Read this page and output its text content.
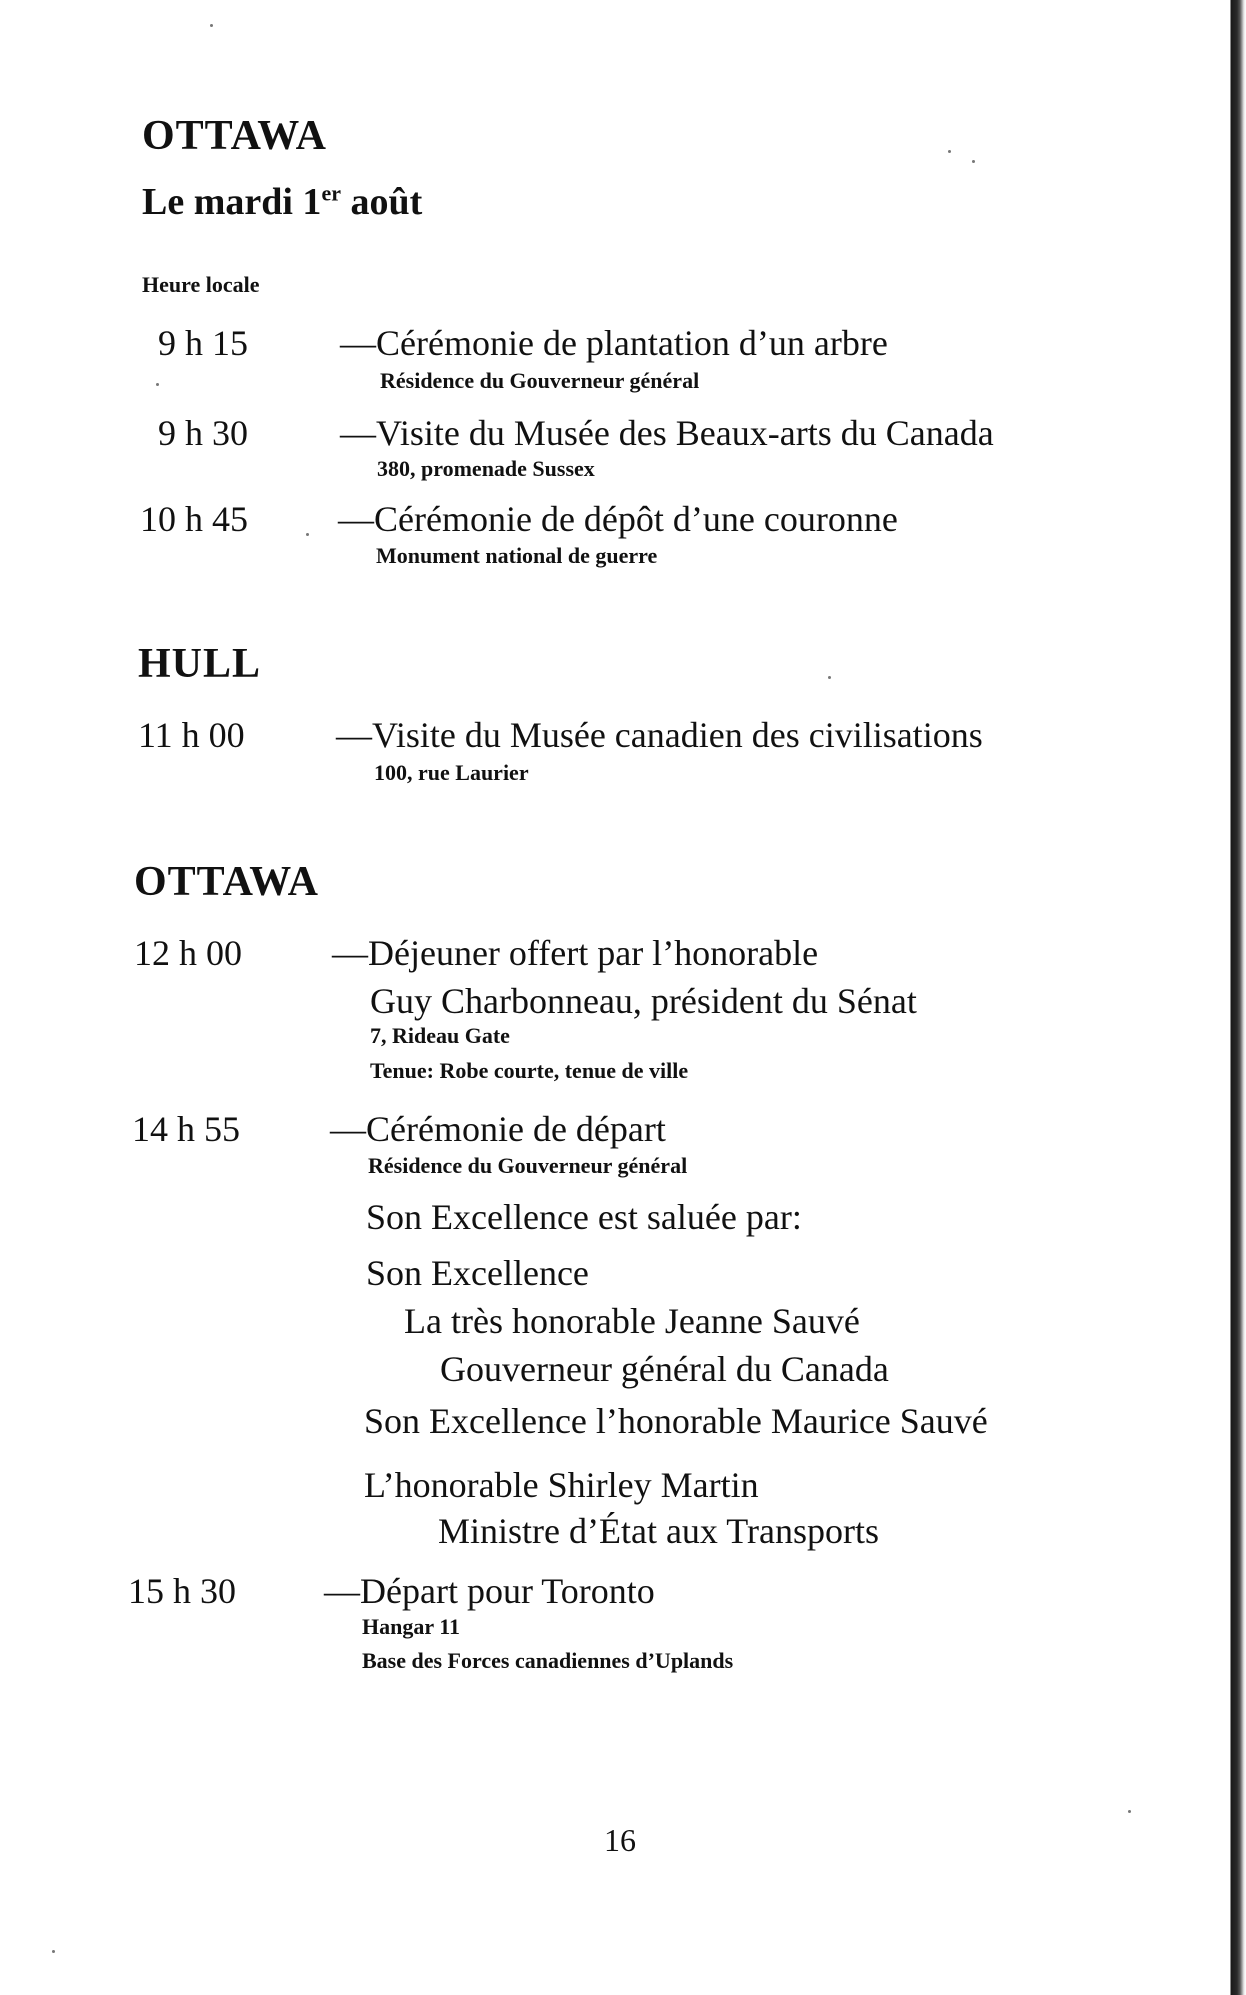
OTTAWA
Le mardi 1er août
Heure locale
9 h 15	—Cérémonie de plantation d’un arbre
Résidence du Gouverneur général
9 h 30	—Visite du Musée des Beaux-arts du Canada
380, promenade Sussex
10 h 45	—Cérémonie de dépôt d’une couronne
Monument national de guerre
HULL
11 h 00	—Visite du Musée canadien des civilisations
100, rue Laurier
OTTAWA
12 h 00	—Déjeuner offert par l’honorable
Guy Charbonneau, président du Sénat
7, Rideau Gate
Tenue: Robe courte, tenue de ville
14 h 55	—Cérémonie de départ
Résidence du Gouverneur général
Son Excellence est saluée par:
Son Excellence
La très honorable Jeanne Sauvé
Gouverneur général du Canada
Son Excellence l’honorable Maurice Sauvé
L’honorable Shirley Martin
Ministre d’État aux Transports
15 h 30 —Départ pour Toronto
Hangar 11
Base des Forces canadiennes d’Uplands
16
